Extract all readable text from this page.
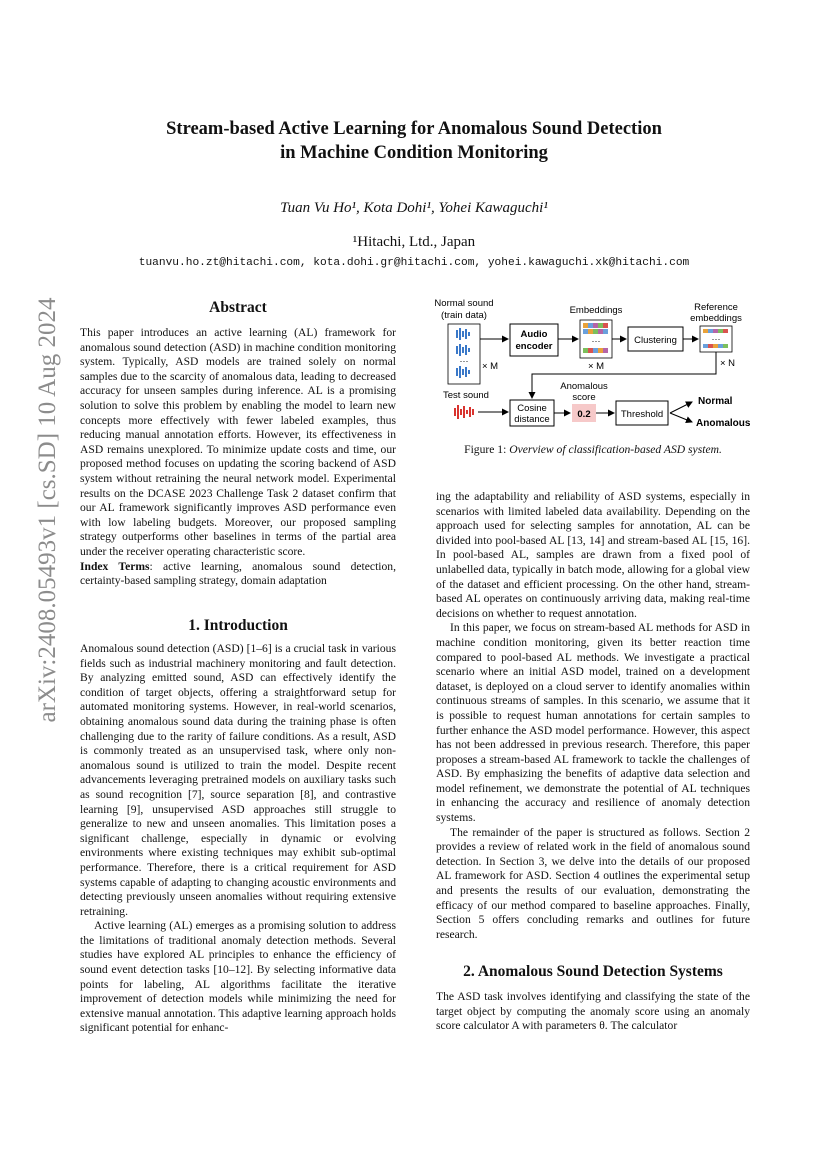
arXiv:2408.05493v1 [cs.SD] 10 Aug 2024
Stream-based Active Learning for Anomalous Sound Detection
in Machine Condition Monitoring
Tuan Vu Ho¹, Kota Dohi¹, Yohei Kawaguchi¹
¹Hitachi, Ltd., Japan
tuanvu.ho.zt@hitachi.com, kota.dohi.gr@hitachi.com, yohei.kawaguchi.xk@hitachi.com
Abstract

This paper introduces an active learning (AL) framework for anomalous sound detection (ASD) in machine condition monitoring system. Typically, ASD models are trained solely on normal samples due to the scarcity of anomalous data, leading to decreased accuracy for unseen samples during inference. AL is a promising solution to solve this problem by enabling the model to learn new concepts more effectively with fewer labeled examples, thus reducing manual annotation efforts. However, its effectiveness in ASD remains unexplored. To minimize update costs and time, our proposed method focuses on updating the scoring backend of ASD system without retraining the neural network model. Experimental results on the DCASE 2023 Challenge Task 2 dataset confirm that our AL framework significantly improves ASD performance even with low labeling budgets. Moreover, our proposed sampling strategy outperforms other baselines in terms of the partial area under the receiver operating characteristic score.

Index Terms: active learning, anomalous sound detection, certainty-based sampling strategy, domain adaptation

1. Introduction

Anomalous sound detection (ASD) [1–6] is a crucial task in various fields such as industrial machinery monitoring and fault detection. By analyzing emitted sound, ASD can effectively identify the condition of target objects, offering a straightforward setup for automated monitoring systems. However, in real-world scenarios, obtaining anomalous sound data during the training phase is often challenging due to the rarity of failure conditions. As a result, ASD is commonly treated as an unsupervised task, where only non-anomalous sound is utilized to train the model. Despite recent advancements leveraging pretrained models on auxiliary tasks such as sound recognition [7], source separation [8], and contrastive learning [9], unsupervised ASD approaches still struggle to generalize to new and unseen anomalies. This limitation poses a significant challenge, especially in dynamic or evolving environments where existing techniques may exhibit sub-optimal performance. Therefore, there is a critical requirement for ASD systems capable of adapting to changing acoustic environments and detecting previously unseen anomalies without requiring extensive retraining.

Active learning (AL) emerges as a promising solution to address the limitations of traditional anomaly detection methods. Several studies have explored AL principles to enhance the efficiency of sound event detection tasks [10–12]. By selecting informative data points for labeling, AL algorithms facilitate the iterative improvement of detection models while minimizing the need for extensive manual annotation. This adaptive learning approach holds significant potential for enhanc-

Normal sound
(train data)
··· × M
Audio
encoder
Embeddings
···
× M
Clustering
Reference
embeddings
···
× N
Test sound
Cosine
distance
Anomalous
score
0.2	Threshold
Normal
Anomalous
Figure 1: Overview of classification-based ASD system.

ing the adaptability and reliability of ASD systems, especially in scenarios with limited labeled data availability. Depending on the approach used for selecting samples for annotation, AL can be divided into pool-based AL [13, 14] and stream-based AL [15, 16]. In pool-based AL, samples are drawn from a fixed pool of unlabelled data, typically in batch mode, allowing for a global view of the dataset and efficient processing. On the other hand, stream-based AL operates on continuously arriving data, making real-time decisions on whether to request annotation.

In this paper, we focus on stream-based AL methods for ASD in machine condition monitoring, given its better reaction time compared to pool-based AL methods. We investigate a practical scenario where an initial ASD model, trained on a development dataset, is deployed on a cloud server to identify anomalies within continuous streams of samples. In this scenario, we assume that it is possible to request human annotations for certain samples to further enhance the ASD model performance. However, this aspect has not been addressed in previous research. Therefore, this paper proposes a stream-based AL framework to tackle the challenges of ASD. By emphasizing the benefits of adaptive data selection and model refinement, we demonstrate the potential of AL techniques in enhancing the accuracy and resilience of anomaly detection systems.

The remainder of the paper is structured as follows. Section 2 provides a review of related work in the field of anomalous sound detection. In Section 3, we delve into the details of our proposed AL framework for ASD. Section 4 outlines the experimental setup and presents the results of our evaluation, demonstrating the efficacy of our method compared to baseline approaches. Finally, Section 5 offers concluding remarks and outlines for future research.

2. Anomalous Sound Detection Systems

The ASD task involves identifying and classifying the state of the target object by computing the anomaly score using an anomaly score calculator A with parameters θ. The calculator
